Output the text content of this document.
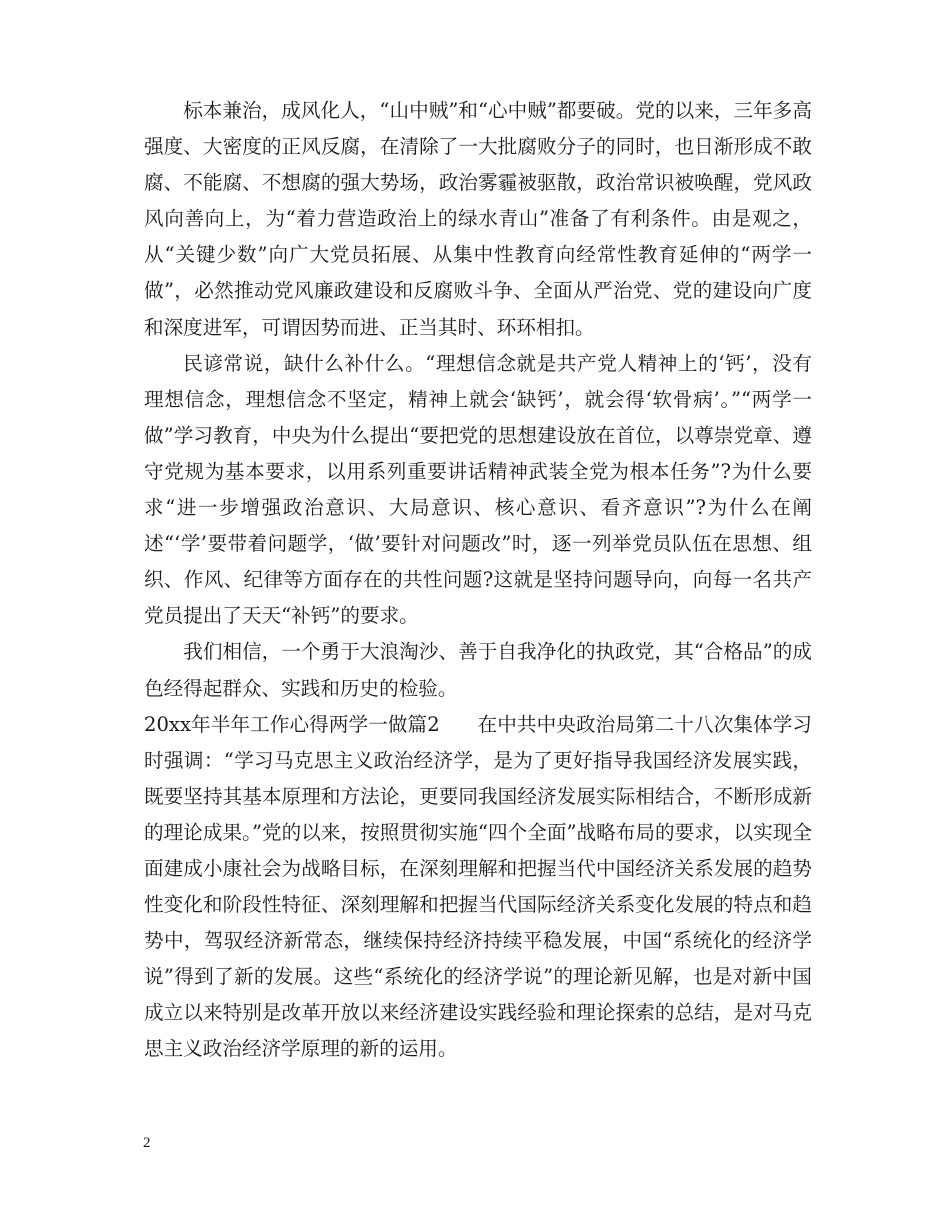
标本兼治，成风化人，“山中贼”和“心中贼”都要破。党的以来，三年多高强度、大密度的正风反腐，在清除了一大批腐败分子的同时，也日渐形成不敢腐、不能腐、不想腐的强大势场，政治雾霾被驱散，政治常识被唤醒，党风政风向善向上，为“着力营造政治上的绿水青山”准备了有利条件。由是观之，从“关键少数”向广大党员拓展、从集中性教育向经常性教育延伸的“两学一做”，必然推动党风廉政建设和反腐败斗争、全面从严治党、党的建设向广度和深度进军，可谓因势而进、正当其时、环环相扣。

民谚常说，缺什么补什么。“理想信念就是共产党人精神上的‘钙’，没有理想信念，理想信念不坚定，精神上就会‘缺钙’，就会得‘软骨病’。”“两学一做”学习教育，中央为什么提出“要把党的思想建设放在首位，以尊崇党章、遵守党规为基本要求，以用系列重要讲话精神武装全党为根本任务”?为什么要求“进一步增强政治意识、大局意识、核心意识、看齐意识”?为什么在阐述“‘学’要带着问题学，‘做’要针对问题改”时，逐一列举党员队伍在思想、组织、作风、纪律等方面存在的共性问题?这就是坚持问题导向，向每一名共产党员提出了天天“补钙”的要求。

我们相信，一个勇于大浪淘沙、善于自我净化的执政党，其“合格品”的成色经得起群众、实践和历史的检验。

20xx年半年工作心得两学一做篇2 在中共中央政治局第二十八次集体学习时强调：“学习马克思主义政治经济学，是为了更好指导我国经济发展实践，既要坚持其基本原理和方法论，更要同我国经济发展实际相结合，不断形成新的理论成果。”党的以来，按照贯彻实施“四个全面”战略布局的要求，以实现全面建成小康社会为战略目标，在深刻理解和把握当代中国经济关系发展的趋势性变化和阶段性特征、深刻理解和把握当代国际经济关系变化发展的特点和趋势中，驾驭经济新常态，继续保持经济持续平稳发展，中国“系统化的经济学说”得到了新的发展。这些“系统化的经济学说”的理论新见解，也是对新中国成立以来特别是改革开放以来经济建设实践经验和理论探索的总结，是对马克思主义政治经济学原理的新的运用。

2
